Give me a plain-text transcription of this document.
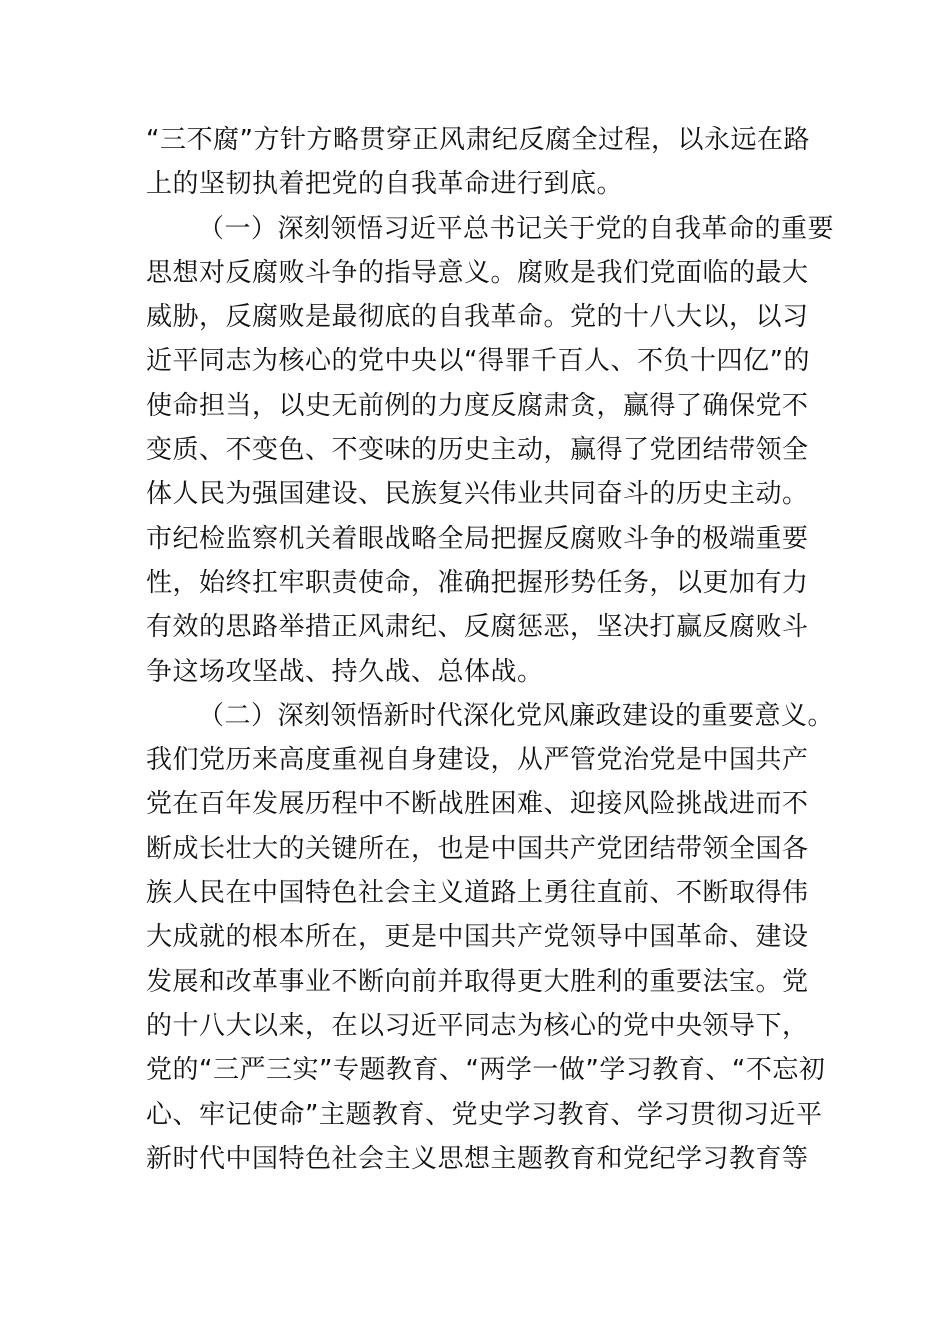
“三不腐”方针方略贯穿正风肃纪反腐全过程，以永远在路
上的坚韧执着把党的自我革命进行到底。
（一）深刻领悟习近平总书记关于党的自我革命的重要
思想对反腐败斗争的指导意义。腐败是我们党面临的最大
威胁，反腐败是最彻底的自我革命。党的十八大以，以习
近平同志为核心的党中央以“得罪千百人、不负十四亿”的
使命担当，以史无前例的力度反腐肃贪，赢得了确保党不
变质、不变色、不变味的历史主动，赢得了党团结带领全
体人民为强国建设、民族复兴伟业共同奋斗的历史主动。
市纪检监察机关着眼战略全局把握反腐败斗争的极端重要
性，始终扛牢职责使命，准确把握形势任务，以更加有力
有效的思路举措正风肃纪、反腐惩恶，坚决打赢反腐败斗
争这场攻坚战、持久战、总体战。
（二）深刻领悟新时代深化党风廉政建设的重要意义。
我们党历来高度重视自身建设，从严管党治党是中国共产
党在百年发展历程中不断战胜困难、迎接风险挑战进而不
断成长壮大的关键所在，也是中国共产党团结带领全国各
族人民在中国特色社会主义道路上勇往直前、不断取得伟
大成就的根本所在，更是中国共产党领导中国革命、建设
发展和改革事业不断向前并取得更大胜利的重要法宝。党
的十八大以来，在以习近平同志为核心的党中央领导下，
党的“三严三实”专题教育、“两学一做”学习教育、“不忘初
心、牢记使命”主题教育、党史学习教育、学习贯彻习近平
新时代中国特色社会主义思想主题教育和党纪学习教育等
